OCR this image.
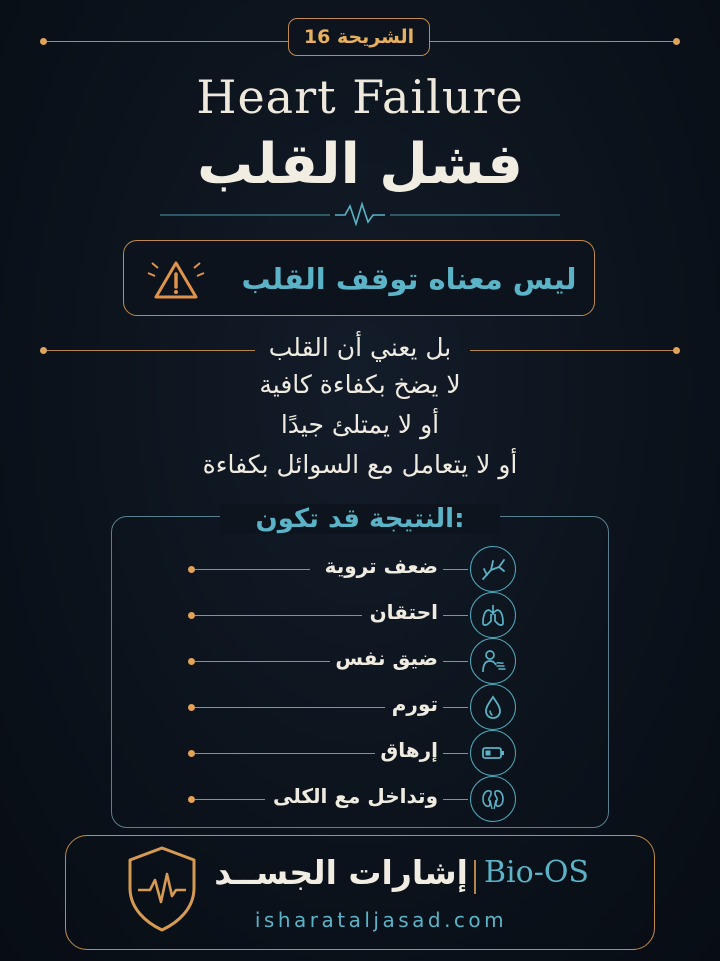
الشريحة 16
Heart Failure
فشل القلب
ليس معناه توقف القلب
بل يعني أن القلب
لا يضخ بكفاءة كافية
أو لا يمتلئ جيدًا
أو لا يتعامل مع السوائل بكفاءة
النتيجة قد تكون:
ضعف تروية
احتقان
ضيق نفس
تورم
إرهاق
وتداخل مع الكلى
Bio-OS
إشارات الجســد
isharataljasad.com
